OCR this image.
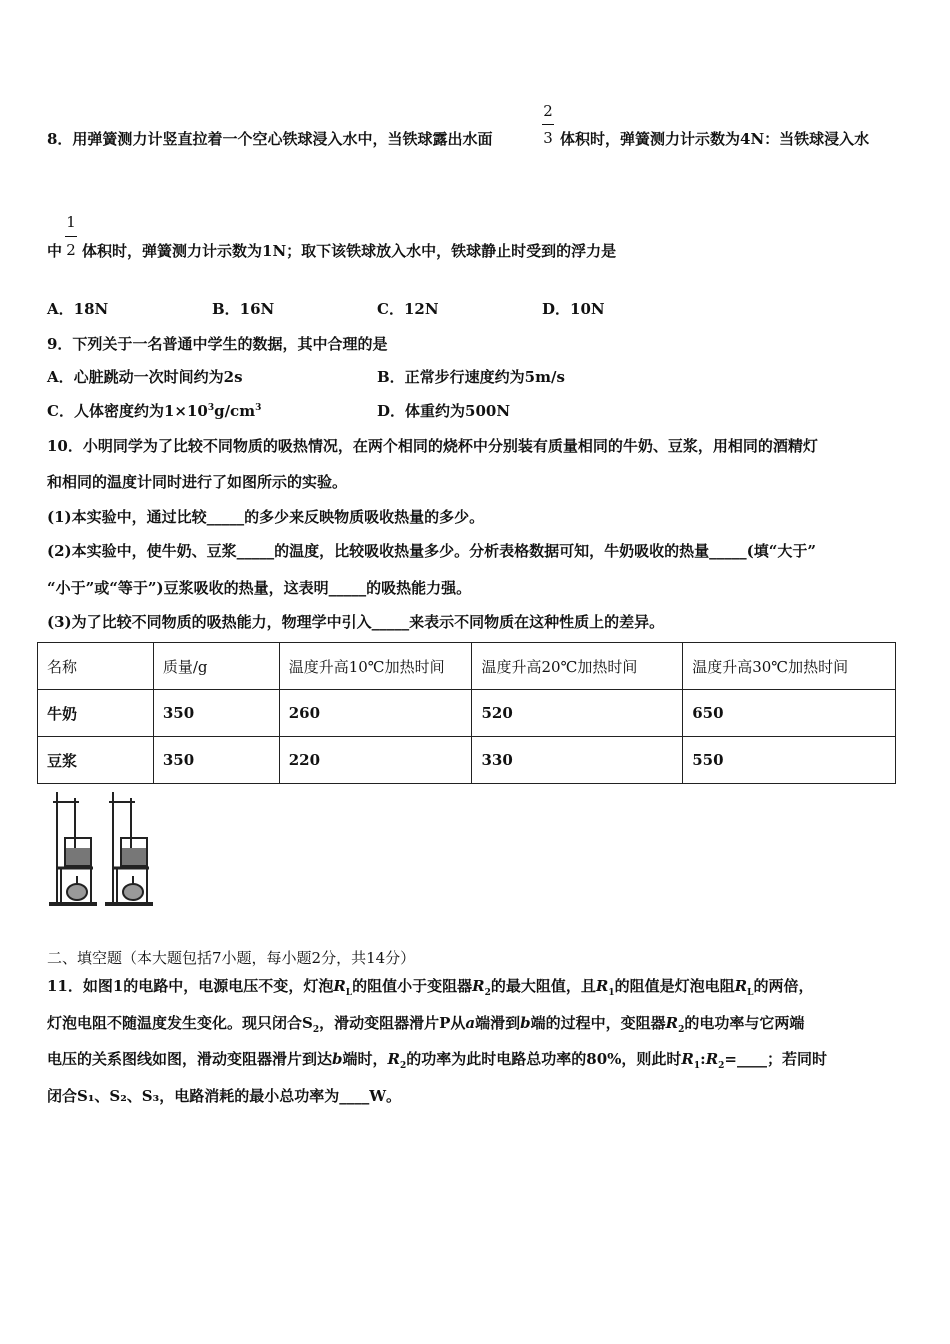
8．用弹簧测力计竖直拉着一个空心铁球浸入水中，当铁球露出水面
2
3 体积时，弹簧测力计示数为4N：当铁球浸入水
中
1
2 体积时，弹簧测力计示数为1N；取下该铁球放入水中，铁球静止时受到的浮力是
A．18N	B．16N	C．12N	D．10N
9．下列关于一名普通中学生的数据，其中合理的是
A．心脏跳动一次时间约为2s	B．正常步行速度约为5m/s
C．人体密度约为$1\times 10^3g/cm^3$	D．体重约为500N
10．小明同学为了比较不同物质的吸热情况，在两个相同的烧杯中分别装有质量相同的牛奶、豆浆，用相同的酒精灯
和相同的温度计同时进行了如图所示的实验。
(1)本实验中，通过比较_____的多少来反映物质吸收热量的多少。
(2)本实验中，使牛奶、豆浆_____的温度，比较吸收热量多少。分析表格数据可知，牛奶吸收的热量_____(填“大于”
“小于”或“等于”)豆浆吸收的热量，这表明_____的吸热能力强。
(3)为了比较不同物质的吸热能力，物理学中引入_____来表示不同物质在这种性质上的差异。
名称	质量/g	温度升高10℃加热时间	温度升高20℃加热时间	温度升高30℃加热时间
牛奶	350	260	520	650
豆浆	350	220	330	550
二、填空题（本大题包括7小题，每小题2分，共14分）
11．如图1的电路中，电源电压不变，灯泡$R_L$的阻值小于变阻器$R_2$的最大阻值，且$R_1$的阻值是灯泡电阻$R_L$的两倍，
灯泡电阻不随温度发生变化。现只闭合$S_2$，滑动变阻器滑片P从a端滑到b端的过程中，变阻器$R_2$的电功率与它两端
电压的关系图线如图，滑动变阻器滑片到达b端时，$R_2$的功率为此时电路总功率的80%，则此时$R_1:R_2=\_\_\_\_$；若同时
闭合S₁、S₂、S₃，电路消耗的最小总功率为____W。
